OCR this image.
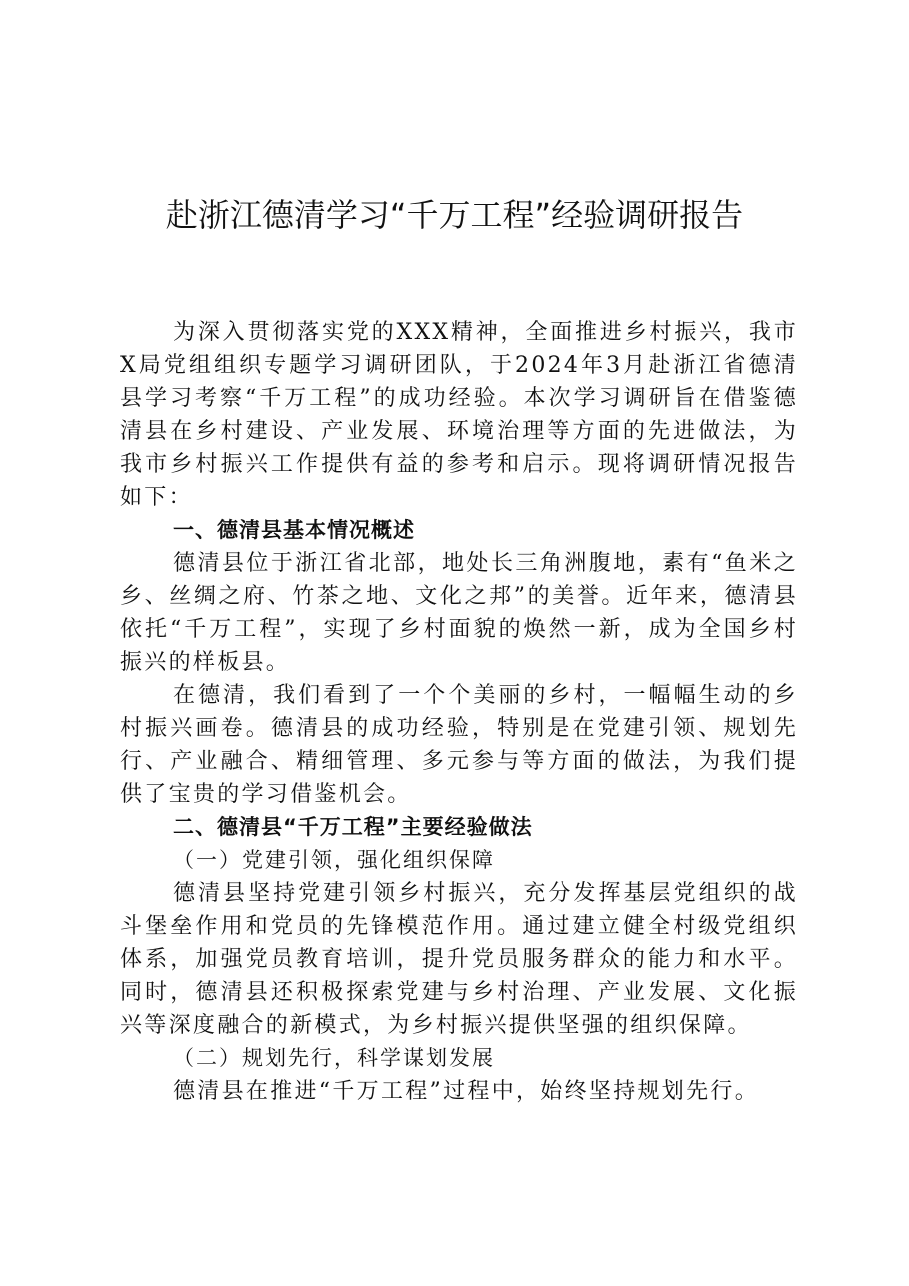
赴浙江德清学习“千万工程”经验调研报告

为深入贯彻落实党的XXX精神，全面推进乡村振兴，我市X局党组组织专题学习调研团队，于2024年3月赴浙江省德清县学习考察“千万工程”的成功经验。本次学习调研旨在借鉴德清县在乡村建设、产业发展、环境治理等方面的先进做法，为我市乡村振兴工作提供有益的参考和启示。现将调研情况报告如下：

一、德清县基本情况概述

德清县位于浙江省北部，地处长三角洲腹地，素有“鱼米之乡、丝绸之府、竹茶之地、文化之邦”的美誉。近年来，德清县依托“千万工程”，实现了乡村面貌的焕然一新，成为全国乡村振兴的样板县。

在德清，我们看到了一个个美丽的乡村，一幅幅生动的乡村振兴画卷。德清县的成功经验，特别是在党建引领、规划先行、产业融合、精细管理、多元参与等方面的做法，为我们提供了宝贵的学习借鉴机会。

二、德清县“千万工程”主要经验做法

（一）党建引领，强化组织保障

德清县坚持党建引领乡村振兴，充分发挥基层党组织的战斗堡垒作用和党员的先锋模范作用。通过建立健全村级党组织体系，加强党员教育培训，提升党员服务群众的能力和水平。同时，德清县还积极探索党建与乡村治理、产业发展、文化振兴等深度融合的新模式，为乡村振兴提供坚强的组织保障。

（二）规划先行，科学谋划发展

德清县在推进“千万工程”过程中，始终坚持规划先行。
